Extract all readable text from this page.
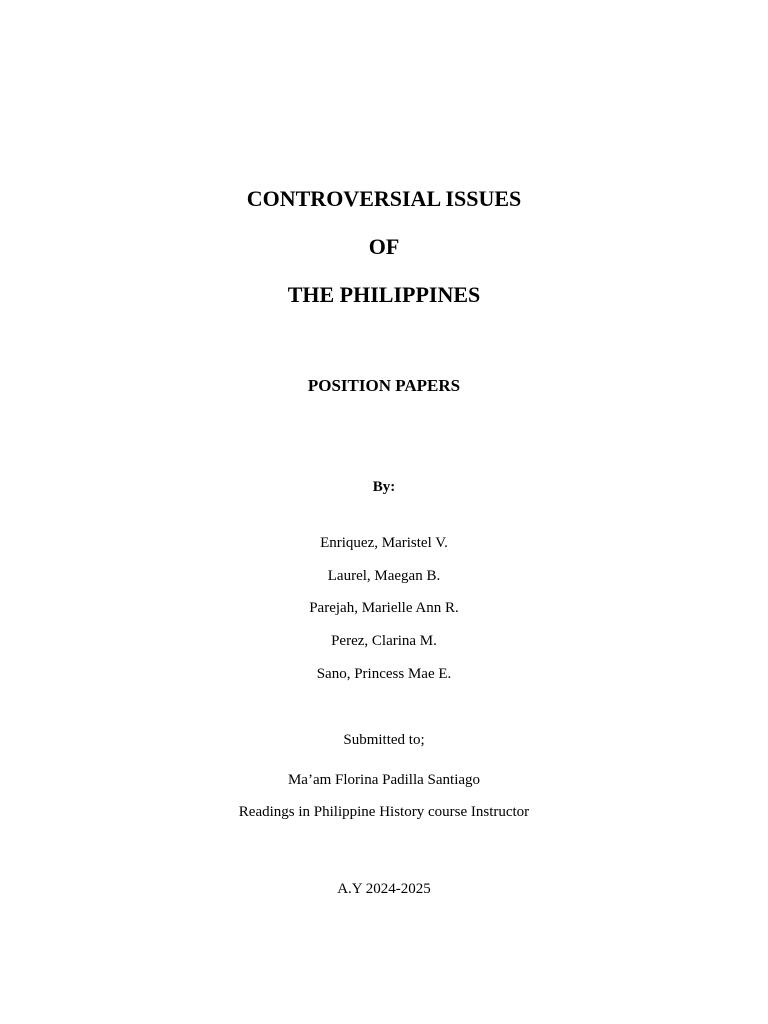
CONTROVERSIAL ISSUES
OF
THE PHILIPPINES
POSITION PAPERS
By:
Enriquez, Maristel V.
Laurel, Maegan B.
Parejah, Marielle Ann R.
Perez, Clarina M.
Sano, Princess Mae E.
Submitted to;
Ma’am Florina Padilla Santiago
Readings in Philippine History course Instructor
A.Y 2024-2025
